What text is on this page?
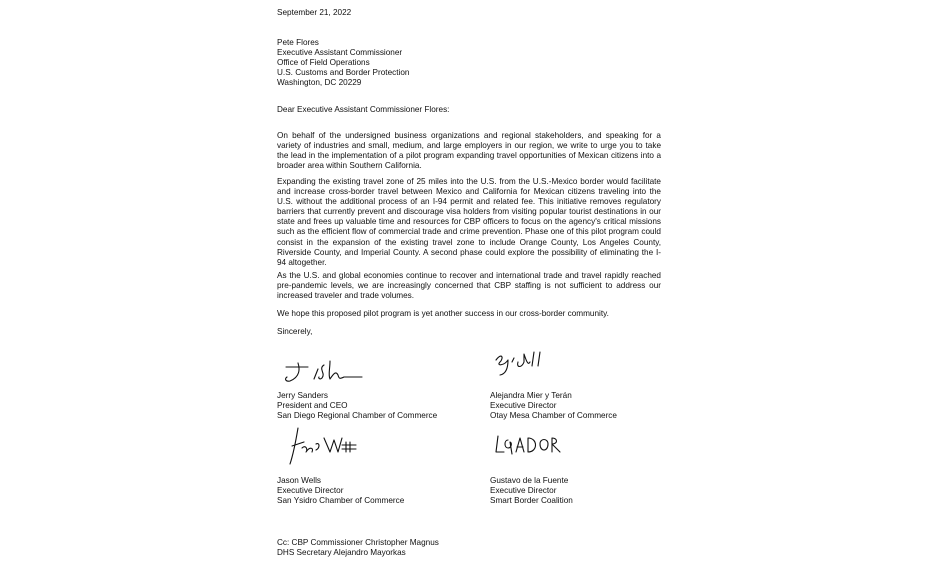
September 21, 2022
Pete Flores
Executive Assistant Commissioner
Office of Field Operations
U.S. Customs and Border Protection
Washington, DC 20229
Dear Executive Assistant Commissioner Flores:
On behalf of the undersigned business organizations and regional stakeholders, and speaking for a variety of industries and small, medium, and large employers in our region, we write to urge you to take the lead in the implementation of a pilot program expanding travel opportunities of Mexican citizens into a broader area within Southern California.
Expanding the existing travel zone of 25 miles into the U.S. from the U.S.-Mexico border would facilitate and increase cross-border travel between Mexico and California for Mexican citizens traveling into the U.S. without the additional process of an I-94 permit and related fee. This initiative removes regulatory barriers that currently prevent and discourage visa holders from visiting popular tourist destinations in our state and frees up valuable time and resources for CBP officers to focus on the agency's critical missions such as the efficient flow of commercial trade and crime prevention. Phase one of this pilot program could consist in the expansion of the existing travel zone to include Orange County, Los Angeles County, Riverside County, and Imperial County. A second phase could explore the possibility of eliminating the I-94 altogether.
As the U.S. and global economies continue to recover and international trade and travel rapidly reached pre-pandemic levels, we are increasingly concerned that CBP staffing is not sufficient to address our increased traveler and trade volumes.
We hope this proposed pilot program is yet another success in our cross-border community.
Sincerely,
Jerry Sanders
President and CEO
San Diego Regional Chamber of Commerce
Alejandra Mier y Terán
Executive Director
Otay Mesa Chamber of Commerce
Jason Wells
Executive Director
San Ysidro Chamber of Commerce
Gustavo de la Fuente
Executive Director
Smart Border Coalition
Cc: CBP Commissioner Christopher Magnus
DHS Secretary Alejandro Mayorkas
